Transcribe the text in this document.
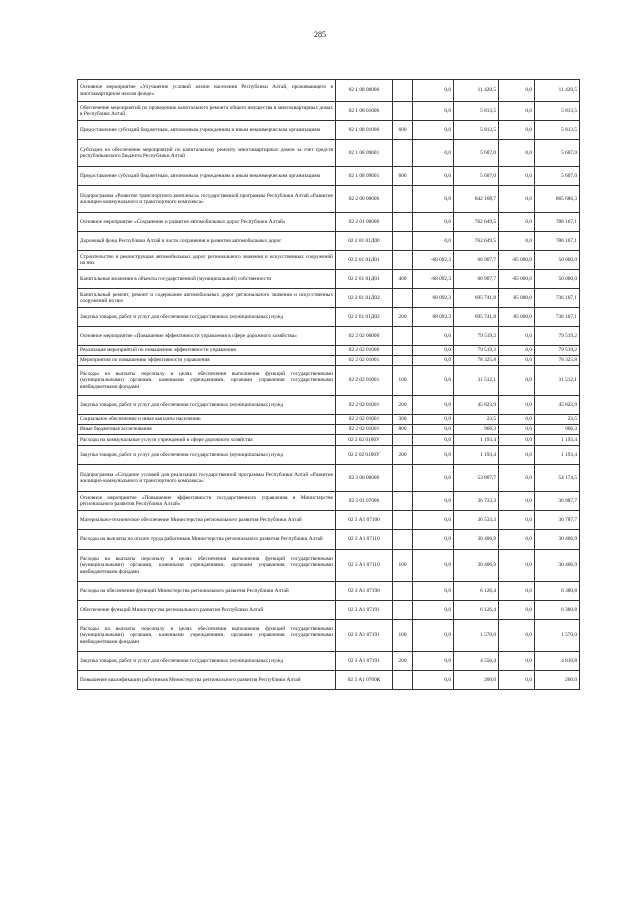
285
Основное мероприятие «Улучшение условий жизни населения Республики Алтай, проживающего в многоквартирном жилом фонде»	02 1 08 00000		0,0	11 420,5	0,0	11 420,5
Обеспечение мероприятий по проведению капитального ремонта общего имущества в многоквартирных домах в Республике Алтай	02 1 08 01000		0,0	5 813,5	0,0	5 813,5
Предоставление субсидий бюджетным, автономным учреждениям и иным некоммерческим организациям	02 1 08 01000	600	0,0	5 813,5	0,0	5 813,5
Субсидии на обеспечение мероприятий по капитальному ремонту многоквартирных домов за счет средств республиканского бюджета Республики Алтай	02 1 08 09601		0,0	5 607,0	0,0	5 607,0
Предоставление субсидий бюджетным, автономным учреждениям и иным некоммерческим организациям	02 1 08 09601	600	0,0	5 607,0	0,0	5 607,0
Подпрограмма «Развитие транспортного комплекса» государственной программы Республики Алтай «Развитие жилищно-коммунального и транспортного комплекса»	02 2 00 00000		0,0	842 168,7	0,0	865 686,3
Основное мероприятие «Сохранение и развитие автомобильных дорог Республики Алтай»	02 2 01 00000		0,0	762 649,5	0,0	786 167,1
Дорожный фонд Республики Алтай в части сохранения и развития автомобильных дорог	02 2 01 01Д00		0,0	762 649,5	0,0	786 167,1
Строительство и реконструкция автомобильных дорог регионального значения и искусственных сооружений на них	02 2 01 01Д01		-68 092,3	66 907,7	-85 000,0	50 000,0
Капитальные вложения в объекты государственной (муниципальной) собственности	02 2 01 01Д01	400	-68 092,3	66 907,7	-85 000,0	50 000,0
Капитальный ремонт, ремонт и содержание автомобильных дорог регионального значения и искусственных сооружений на них	02 2 01 01Д02		68 092,3	695 741,8	85 000,0	736 167,1
Закупка товаров, работ и услуг для обеспечения государственных (муниципальных) нужд	02 2 01 01Д02	200	68 092,3	695 741,8	85 000,0	736 167,1
Основное мероприятие «Повышение эффективности управления в сфере дорожного хозяйства»	02 2 02 00000		0,0	79 519,2	0,0	79 519,2
Реализация мероприятий по повышению эффективности управления	02 2 02 01000		0,0	79 519,2	0,0	79 519,2
Мероприятия по повышению эффективности управления	02 2 02 01001		0,0	78 325,8	0,0	78 325,8
Расходы на выплаты персоналу в целях обеспечения выполнения функций государственными (муниципальными) органами, казенными учреждениями, органами управления государственными внебюджетными фондами	02 2 02 01001	100	0,0	31 512,1	0,0	31 512,1
Закупка товаров, работ и услуг для обеспечения государственных (муниципальных) нужд	02 2 02 01001	200	0,0	45 823,9	0,0	45 823,9
Социальное обеспечение и иные выплаты населению	02 2 02 01001	300	0,0	23,5	0,0	23,5
Иные бюджетные ассигнования	02 2 02 01001	800	0,0	966,3	0,0	966,3
Расходы на коммунальные услуги учреждений в сфере дорожного хозяйства	02 2 02 0100У		0,0	1 193,4	0,0	1 193,4
Закупка товаров, работ и услуг для обеспечения государственных (муниципальных) нужд	02 2 02 0100У	200	0,0	1 193,4	0,0	1 193,4
Подпрограмма «Создание условий для реализации государственной программы Республики Алтай «Развитие жилищно-коммунального и транспортного комплекса»	02 3 00 00000		0,0	53 807,7	0,0	54 174,5
Основное мероприятие «Повышение эффективности государственного управления в Министерстве регионального развития Республики Алтай»	02 3 01 07000		0,0	36 733,3	0,0	36 987,7
Материально-техническое обеспечение Министерства регионального развития Республики Алтай	02 3 А1 07100		0,0	36 533,3	0,0	36 787,7
Расходы на выплаты по оплате труда работников Министерства регионального развития Республики Алтай	02 3 А1 07110		0,0	30 406,9	0,0	30 406,9
Расходы на выплаты персоналу в целях обеспечения выполнения функций государственными (муниципальными) органами, казенными учреждениями, органами управления государственными внебюджетными фондами	02 3 А1 07110	100	0,0	30 406,9	0,0	30 406,9
Расходы на обеспечение функций Министерства регионального развития Республики Алтай	02 3 А1 07190		0,0	6 126,4	0,0	6 380,8
Обеспечение функций Министерства регионального развития Республики Алтай	02 3 А1 07191		0,0	6 126,4	0,0	6 380,8
Расходы на выплаты персоналу в целях обеспечения выполнения функций государственными (муниципальными) органами, казенными учреждениями, органами управления государственными внебюджетными фондами	02 3 А1 07191	100	0,0	1 570,0	0,0	1 570,0
Закупка товаров, работ и услуг для обеспечения государственных (муниципальных) нужд	02 3 А1 07191	200	0,0	4 556,4	0,0	4 810,8
Повышение квалификации работников Министерства регионального развития Республики Алтай	02 3 А1 0700К		0,0	200,0	0,0	200,0
